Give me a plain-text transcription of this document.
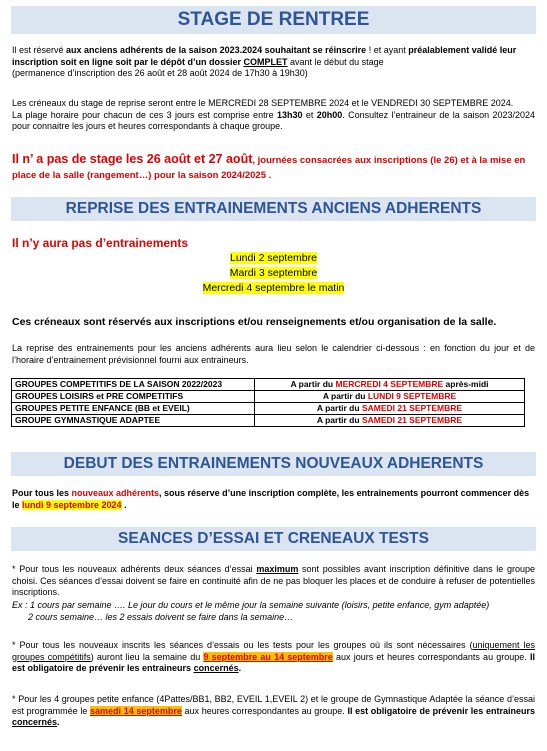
STAGE DE RENTREE
Il est réservé aux anciens adhérents de la saison 2023.2024 souhaitant se réinscrire ! et ayant préalablement validé leur inscription soit en ligne soit par le dépôt d’un dossier COMPLET avant le début du stage
(permanence d’inscription des 26 août et 28 août 2024 de 17h30 à 19h30)
Les créneaux du stage de reprise seront entre le MERCREDI 28 SEPTEMBRE 2024 et le VENDREDI 30 SEPTEMBRE 2024.
La plage horaire pour chacun de ces 3 jours est comprise entre 13h30 et 20h00. Consultez l’entraineur de la saison 2023/2024 pour connaitre les jours et heures correspondants à chaque groupe.
Il n’ a pas de stage les 26 août et 27 août, journées consacrées aux inscriptions (le 26) et à la mise en place de la salle (rangement…) pour la saison 2024/2025 .
REPRISE DES ENTRAINEMENTS ANCIENS ADHERENTS
Il n’y aura pas d’entrainements
Lundi 2 septembre
Mardi 3 septembre
Mercredi 4 septembre le matin
Ces créneaux sont réservés aux inscriptions et/ou renseignements et/ou organisation de la salle.
La reprise des entrainements pour les anciens adhérents aura lieu selon le calendrier ci-dessous : en fonction du jour et de l’horaire d’entrainement prévisionnel fourni aux entraineurs.
GROUPES COMPETITIFS DE LA SAISON 2022/2023	A partir du MERCREDI 4 SEPTEMBRE après-midi
GROUPES LOISIRS et PRE COMPETITIFS	A partir du LUNDI 9 SEPTEMBRE
GROUPES PETITE ENFANCE (BB et EVEIL)	A partir du SAMEDI 21 SEPTEMBRE
GROUPE GYMNASTIQUE ADAPTEE	A partir du SAMEDI 21 SEPTEMBRE
DEBUT DES ENTRAINEMENTS NOUVEAUX ADHERENTS
Pour tous les nouveaux adhérents, sous réserve d’une inscription complète, les entrainements pourront commencer dès le lundi 9 septembre 2024 .
SEANCES D’ESSAI ET CRENEAUX TESTS
* Pour tous les nouveaux adhérents deux séances d’essai maximum sont possibles avant inscription définitive dans le groupe choisi. Ces séances d’essai doivent se faire en continuité afin de ne pas bloquer les places et de conduire à refuser de potentielles inscriptions.
Ex : 1 cours par semaine …. Le jour du cours et le même jour la semaine suivante (loisirs, petite enfance, gym adaptée)
2 cours semaine… les 2 essais doivent se faire dans la semaine…
* Pour tous les nouveaux inscrits les séances d’essais ou les tests pour les groupes où ils sont nécessaires (uniquement les groupes compétitifs) auront lieu la semaine du 9 septembre au 14 septembre aux jours et heures correspondants au groupe. Il est obligatoire de prévenir les entraineurs concernés.
* Pour les 4 groupes petite enfance (4Pattes/BB1, BB2, EVEIL 1,EVEIL 2) et le groupe de Gymnastique Adaptée la séance d’essai est programmée le samedi 14 septembre aux heures correspondantes au groupe. Il est obligatoire de prévenir les entraineurs concernés.
